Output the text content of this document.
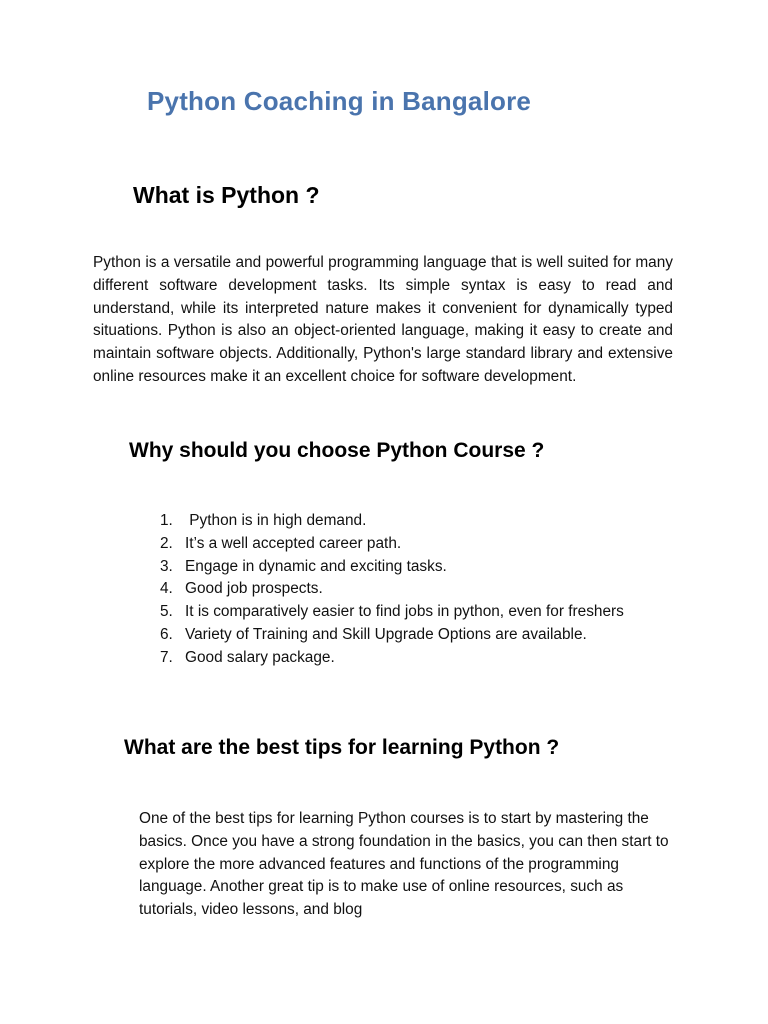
Python Coaching in Bangalore
What is Python ?

Python is a versatile and powerful programming language that is well suited for many different software development tasks. Its simple syntax is easy to read and understand, while its interpreted nature makes it convenient for dynamically typed situations. Python is also an object-oriented language, making it easy to create and maintain software objects. Additionally, Python's large standard library and extensive online resources make it an excellent choice for software development.

Why should you choose Python Course ?
1. Python is in high demand.
2. It’s a well accepted career path.
3. Engage in dynamic and exciting tasks.
4. Good job prospects.
5. It is comparatively easier to find jobs in python, even for freshers
6. Variety of Training and Skill Upgrade Options are available.
7. Good salary package.
What are the best tips for learning Python ?

One of the best tips for learning Python courses is to start by mastering the basics. Once you have a strong foundation in the basics, you can then start to explore the more advanced features and functions of the programming language. Another great tip is to make use of online resources, such as tutorials, video lessons, and blog
